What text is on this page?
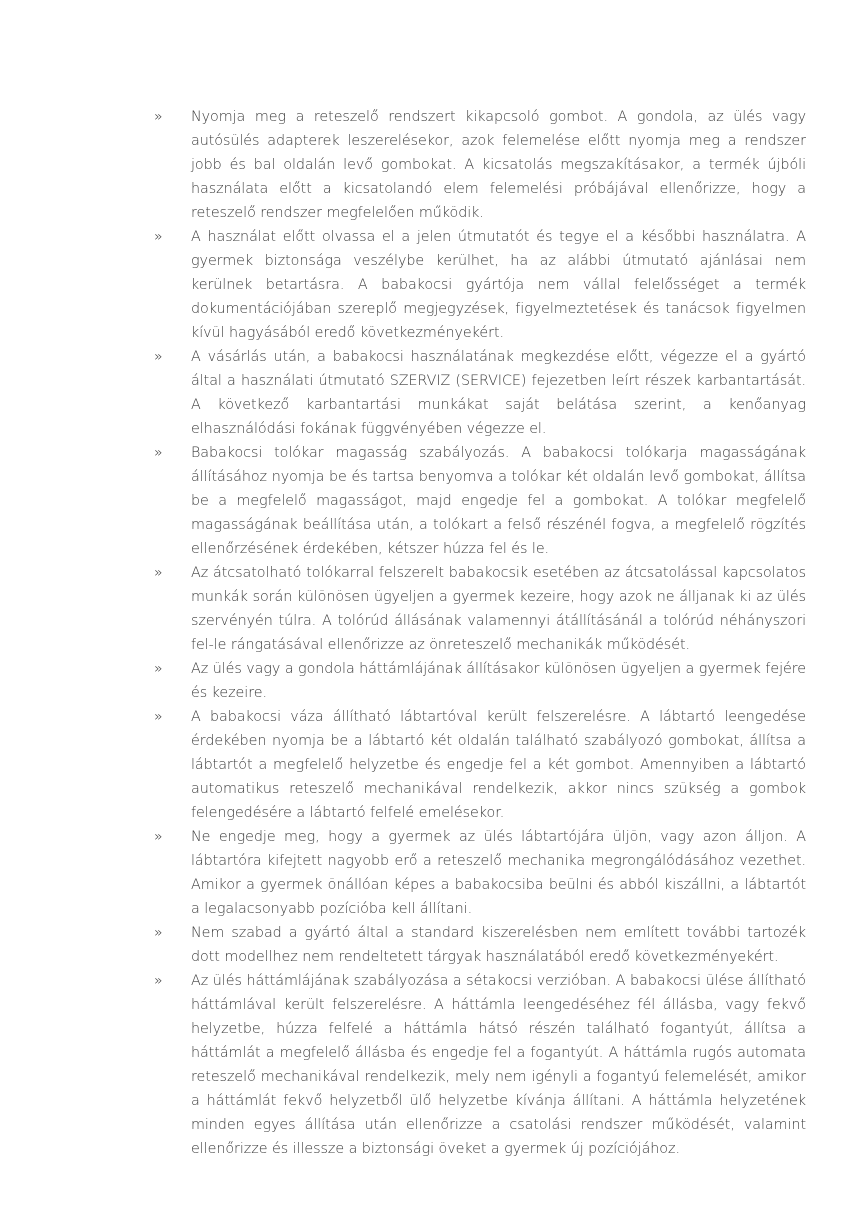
» Nyomja meg a reteszelő rendszert kikapcsoló gombot. A gondola, az ülés vagy autósülés adapterek leszerelésekor, azok felemelése előtt nyomja meg a rendszer jobb és bal oldalán levő gombokat. A kicsatolás megszakításakor, a termék újbóli használata előtt a kicsatolandó elem felemelési próbájával ellenőrizze, hogy a reteszelő rendszer megfelelően működik.
» A használat előtt olvassa el a jelen útmutatót és tegye el a későbbi használatra. A gyermek biztonsága veszélybe kerülhet, ha az alábbi útmutató ajánlásai nem kerülnek betartásra. A babakocsi gyártója nem vállal felelősséget a termék dokumentációjában szereplő megjegyzések, figyelmeztetések és tanácsok figyelmen kívül hagyásából eredő következményekért.
» A vásárlás után, a babakocsi használatának megkezdése előtt, végezze el a gyártó által a használati útmutató SZERVIZ (SERVICE) fejezetben leírt részek karbantartását. A következő karbantartási munkákat saját belátása szerint, a kenőanyag elhasználódási fokának függvényében végezze el.
» Babakocsi tolókar magasság szabályozás. A babakocsi tolókarja magasságának állításához nyomja be és tartsa benyomva a tolókar két oldalán levő gombokat, állítsa be a megfelelő magasságot, majd engedje fel a gombokat. A tolókar megfelelő magasságának beállítása után, a tolókart a felső részénél fogva, a megfelelő rögzítés ellenőrzésének érdekében, kétszer húzza fel és le.
» Az átcsatolható tolókarral felszerelt babakocsik esetében az átcsatolással kapcsolatos munkák során különösen ügyeljen a gyermek kezeire, hogy azok ne álljanak ki az ülés szervényén túlra. A tolórúd állásának valamennyi átállításánál a tolórúd néhányszori fel-le rángatásával ellenőrizze az önreteszelő mechanikák működését.
» Az ülés vagy a gondola háttámlájának állításakor különösen ügyeljen a gyermek fejére és kezeire.
» A babakocsi váza állítható lábtartóval került felszerelésre. A lábtartó leengedése érdekében nyomja be a lábtartó két oldalán található szabályozó gombokat, állítsa a lábtartót a megfelelő helyzetbe és engedje fel a két gombot. Amennyiben a lábtartó automatikus reteszelő mechanikával rendelkezik, akkor nincs szükség a gombok felengedésére a lábtartó felfelé emelésekor.
» Ne engedje meg, hogy a gyermek az ülés lábtartójára üljön, vagy azon álljon. A lábtartóra kifejtett nagyobb erő a reteszelő mechanika megrongálódásához vezethet. Amikor a gyermek önállóan képes a babakocsiba beülni és abból kiszállni, a lábtartót a legalacsonyabb pozícióba kell állítani.
» Nem szabad a gyártó által a standard kiszerelésben nem említett további tartozék dott modellhez nem rendeltetett tárgyak használatából eredő következményekért.
» Az ülés háttámlájának szabályozása a sétakocsi verzióban. A babakocsi ülése állítható háttámlával került felszerelésre. A háttámla leengedéséhez fél állásba, vagy fekvő helyzetbe, húzza felfelé a háttámla hátsó részén található fogantyút, állítsa a háttámlát a megfelelő állásba és engedje fel a fogantyút. A háttámla rugós automata reteszelő mechanikával rendelkezik, mely nem igényli a fogantyú felemelését, amikor a háttámlát fekvő helyzetből ülő helyzetbe kívánja állítani. A háttámla helyzetének minden egyes állítása után ellenőrizze a csatolási rendszer működését, valamint ellenőrizze és illessze a biztonsági öveket a gyermek új pozíciójához.
